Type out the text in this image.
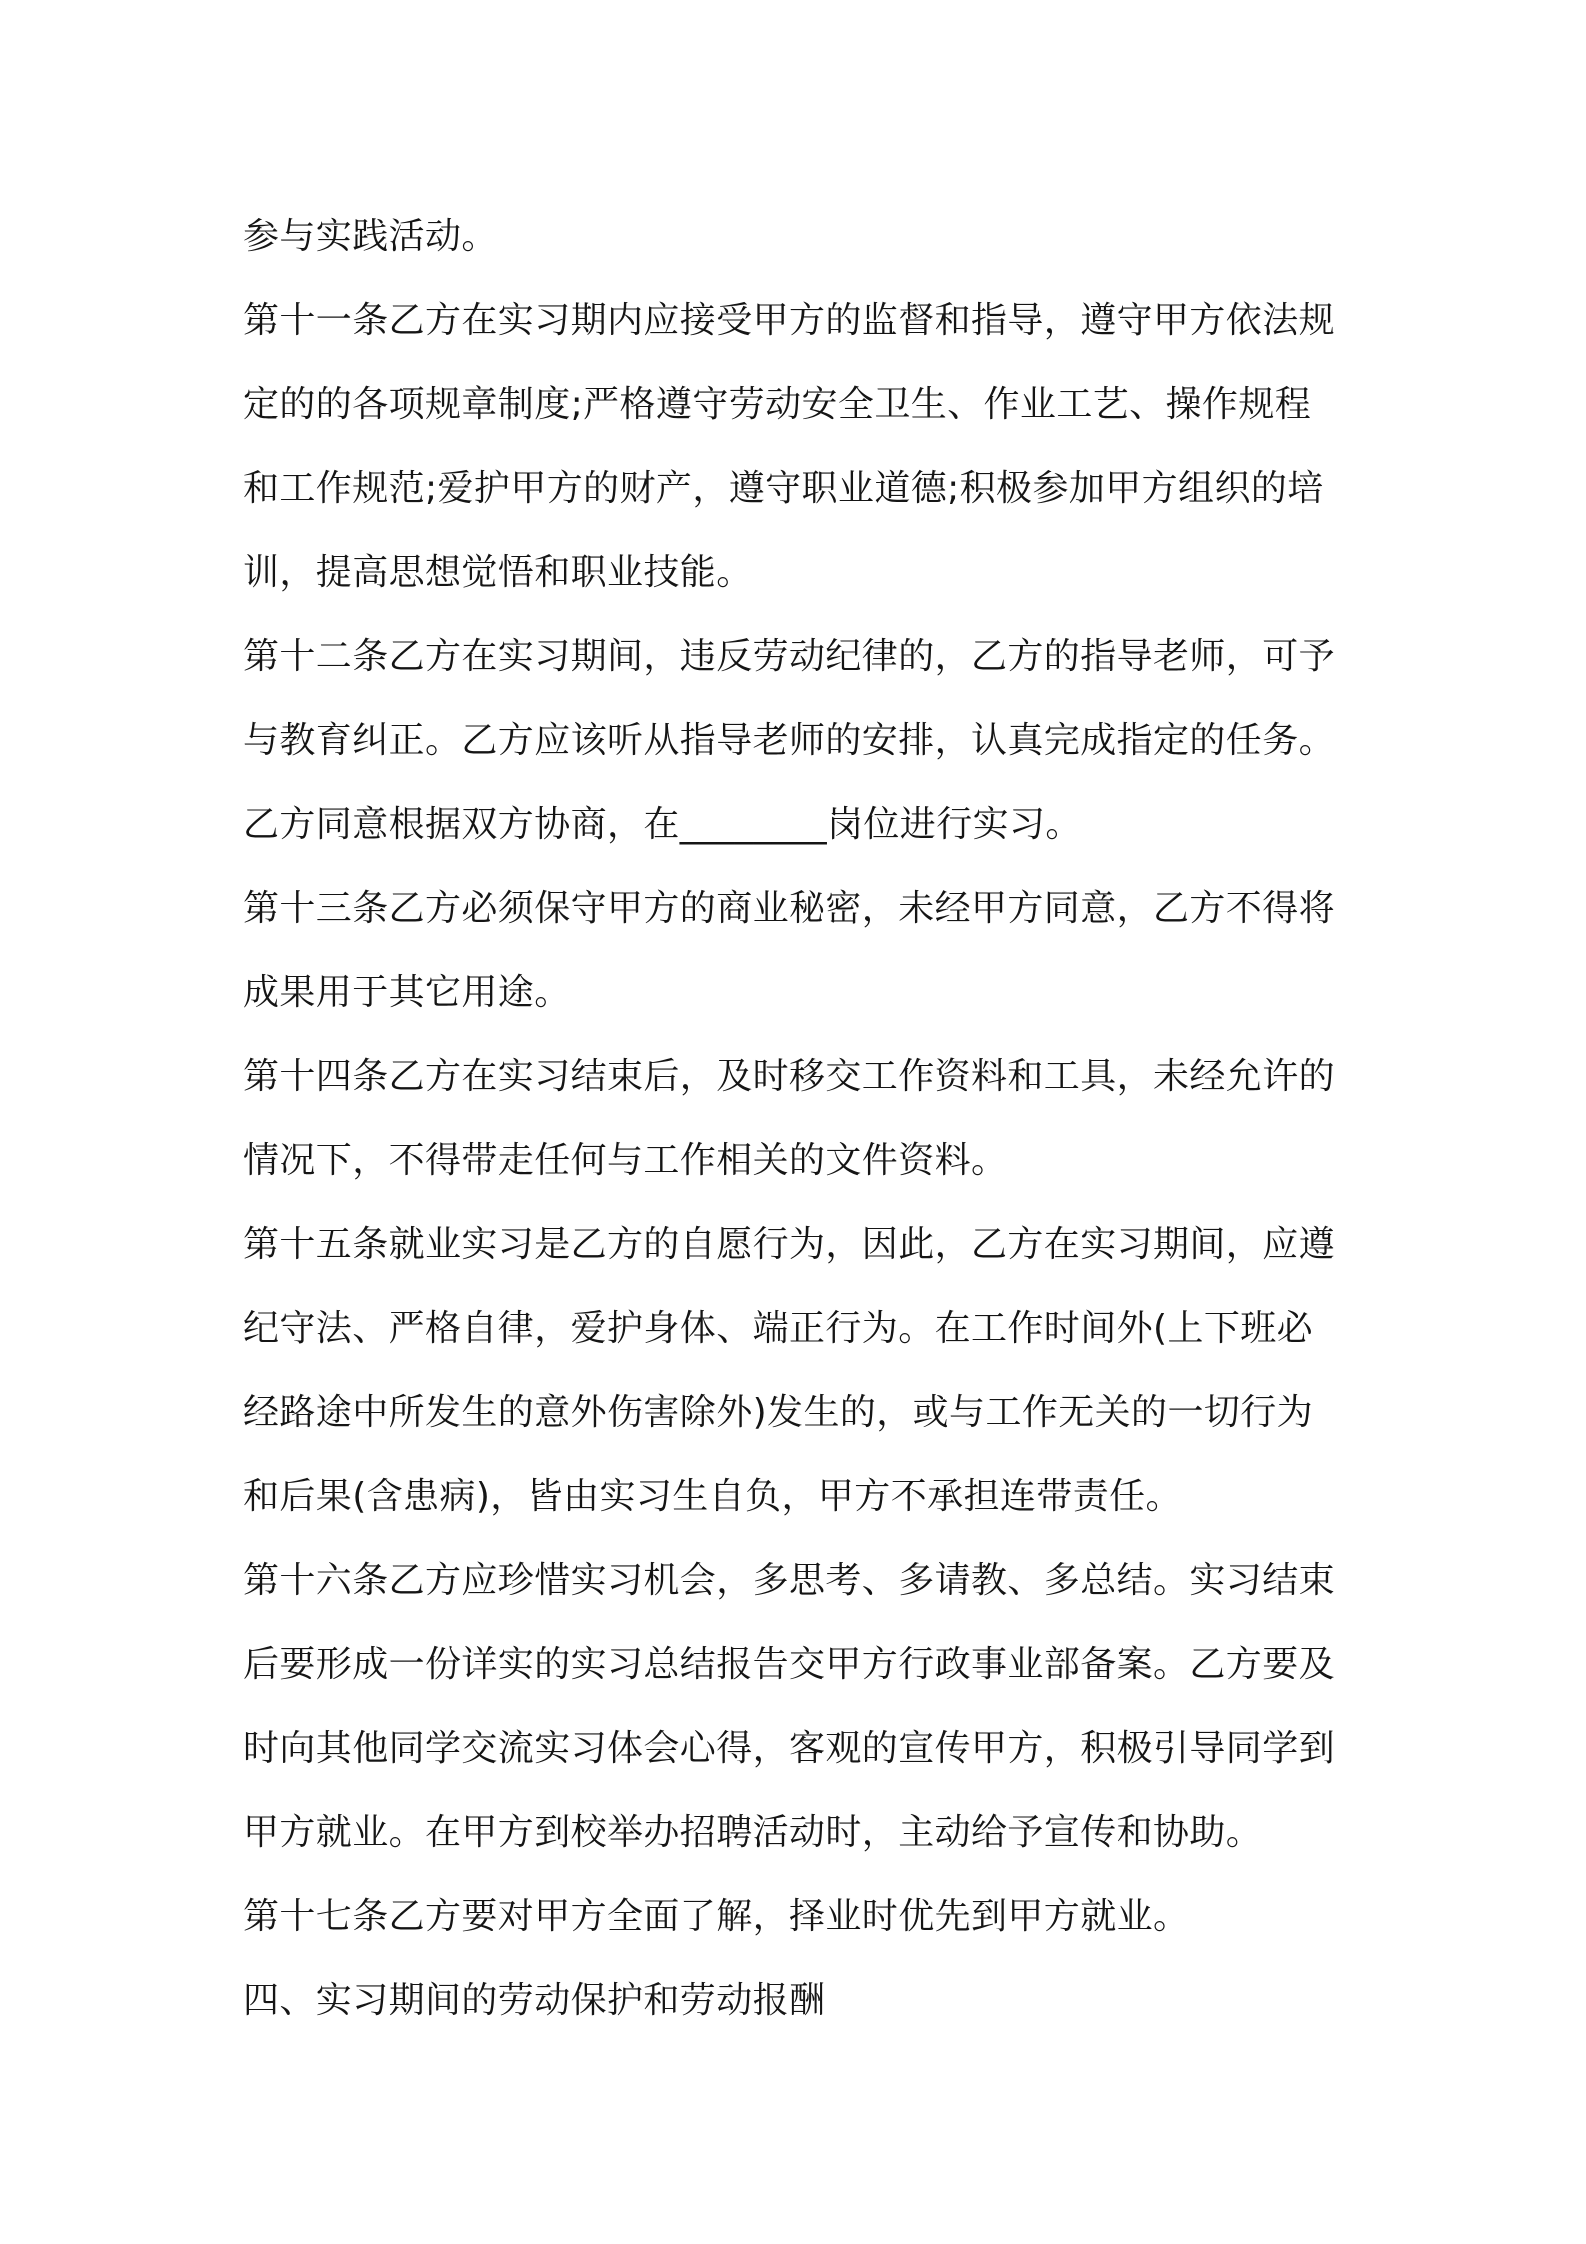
参与实践活动。
第十一条乙方在实习期内应接受甲方的监督和指导，遵守甲方依法规
定的的各项规章制度;严格遵守劳动安全卫生、作业工艺、操作规程
和工作规范;爱护甲方的财产，遵守职业道德;积极参加甲方组织的培
训，提高思想觉悟和职业技能。
第十二条乙方在实习期间，违反劳动纪律的，乙方的指导老师，可予
与教育纠正。乙方应该听从指导老师的安排，认真完成指定的任务。
乙方同意根据双方协商，在________岗位进行实习。
第十三条乙方必须保守甲方的商业秘密，未经甲方同意，乙方不得将
成果用于其它用途。
第十四条乙方在实习结束后，及时移交工作资料和工具，未经允许的
情况下，不得带走任何与工作相关的文件资料。
第十五条就业实习是乙方的自愿行为，因此，乙方在实习期间，应遵
纪守法、严格自律，爱护身体、端正行为。在工作时间外(上下班必
经路途中所发生的意外伤害除外)发生的，或与工作无关的一切行为
和后果(含患病)，皆由实习生自负，甲方不承担连带责任。
第十六条乙方应珍惜实习机会，多思考、多请教、多总结。实习结束
后要形成一份详实的实习总结报告交甲方行政事业部备案。乙方要及
时向其他同学交流实习体会心得，客观的宣传甲方，积极引导同学到
甲方就业。在甲方到校举办招聘活动时，主动给予宣传和协助。
第十七条乙方要对甲方全面了解，择业时优先到甲方就业。
四、实习期间的劳动保护和劳动报酬
